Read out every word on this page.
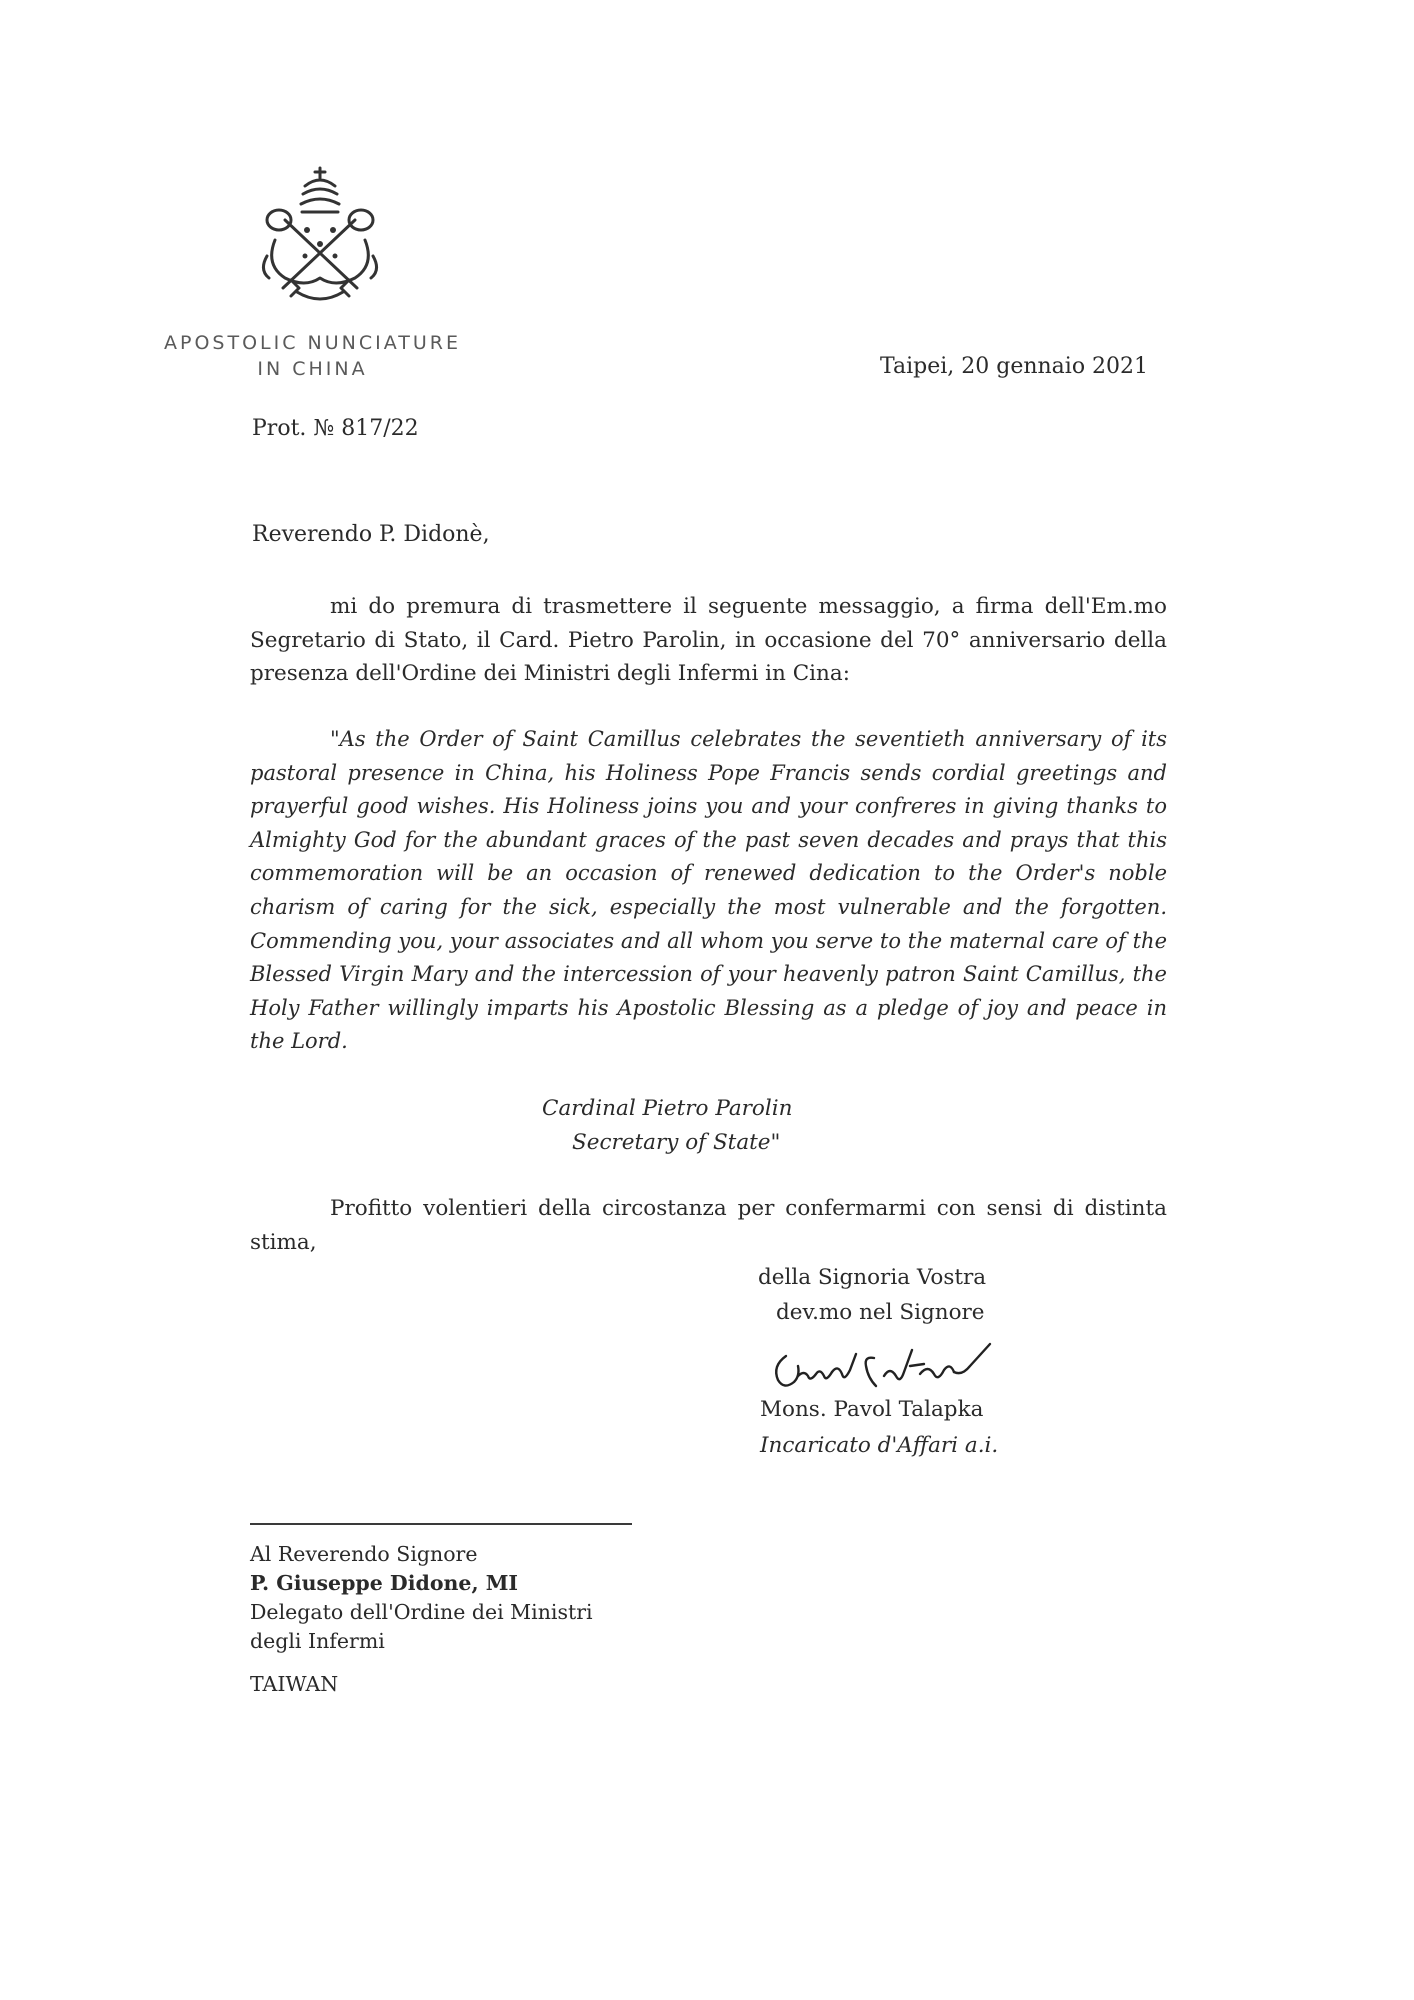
APOSTOLIC NUNCIATURE
IN CHINA	Taipei, 20 gennaio 2021
Prot. № 817/22
Reverendo P. Didonè,
mi do premura di trasmettere il seguente messaggio, a firma dell'Em.mo Segretario di Stato, il Card. Pietro Parolin, in occasione del 70° anniversario della presenza dell'Ordine dei Ministri degli Infermi in Cina:
"As the Order of Saint Camillus celebrates the seventieth anniversary of its pastoral presence in China, his Holiness Pope Francis sends cordial greetings and prayerful good wishes. His Holiness joins you and your confreres in giving thanks to Almighty God for the abundant graces of the past seven decades and prays that this commemoration will be an occasion of renewed dedication to the Order's noble charism of caring for the sick, especially the most vulnerable and the forgotten. Commending you, your associates and all whom you serve to the maternal care of the Blessed Virgin Mary and the intercession of your heavenly patron Saint Camillus, the Holy Father willingly imparts his Apostolic Blessing as a pledge of joy and peace in the Lord.
Cardinal Pietro Parolin
Secretary of State"
Profitto volentieri della circostanza per confermarmi con sensi di distinta stima,
della Signoria Vostra
dev.mo nel Signore
Mons. Pavol Talapka
Incaricato d'Affari a.i.
Al Reverendo Signore
P. Giuseppe Didone, MI
Delegato dell'Ordine dei Ministri
degli Infermi
TAIWAN
